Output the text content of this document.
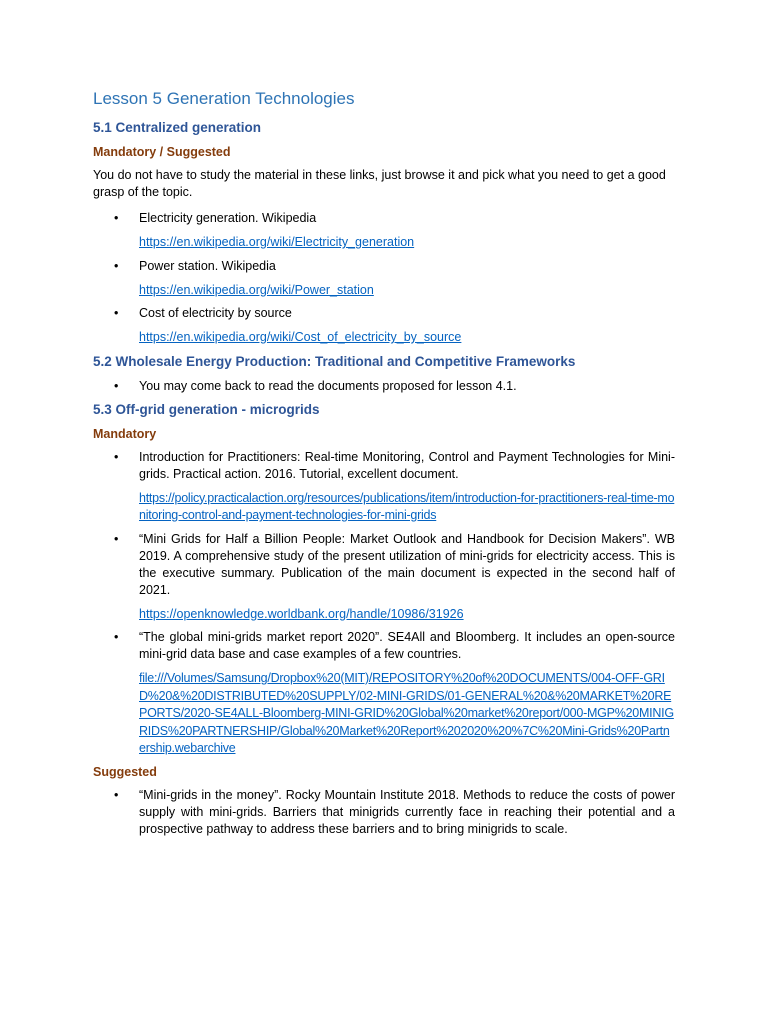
Lesson 5 Generation Technologies
5.1 Centralized generation
Mandatory / Suggested

You do not have to study the material in these links, just browse it and pick what you need to get a good grasp of the topic.

• Electricity generation. Wikipedia

https://en.wikipedia.org/wiki/Electricity_generation
• Power station. Wikipedia

https://en.wikipedia.org/wiki/Power_station
• Cost of electricity by source

https://en.wikipedia.org/wiki/Cost_of_electricity_by_source
5.2 Wholesale Energy Production: Traditional and Competitive Frameworks
• You may come back to read the documents proposed for lesson 4.1.

5.3 Off-grid generation - microgrids
Mandatory
• Introduction for Practitioners: Real-time Monitoring, Control and Payment Technologies for Mini-grids. Practical action. 2016. Tutorial, excellent document.

https://policy.practicalaction.org/resources/publications/item/introduction-for-practitioners-real-time-monitoring-control-and-payment-technologies-for-mini-grids
• “Mini Grids for Half a Billion People: Market Outlook and Handbook for Decision Makers”. WB 2019. A comprehensive study of the present utilization of mini-grids for electricity access. This is the executive summary. Publication of the main document is expected in the second half of 2021.

https://openknowledge.worldbank.org/handle/10986/31926
• “The global mini-grids market report 2020”. SE4All and Bloomberg. It includes an open-source mini-grid data base and case examples of a few countries.

file:///Volumes/Samsung/Dropbox%20(MIT)/REPOSITORY%20of%20DOCUMENTS/004-OFF-GRID%20&%20DISTRIBUTED%20SUPPLY/02-MINI-GRIDS/01-GENERAL%20&%20MARKET%20REPORTS/2020-SE4ALL-Bloomberg-MINI-GRID%20Global%20market%20report/000-MGP%20MINIGRIDS%20PARTNERSHIP/Global%20Market%20Report%202020%20%7C%20Mini-Grids%20Partnership.webarchive
Suggested
• “Mini-grids in the money”. Rocky Mountain Institute 2018. Methods to reduce the costs of power supply with mini-grids. Barriers that minigrids currently face in reaching their potential and a prospective pathway to address these barriers and to bring minigrids to scale.
